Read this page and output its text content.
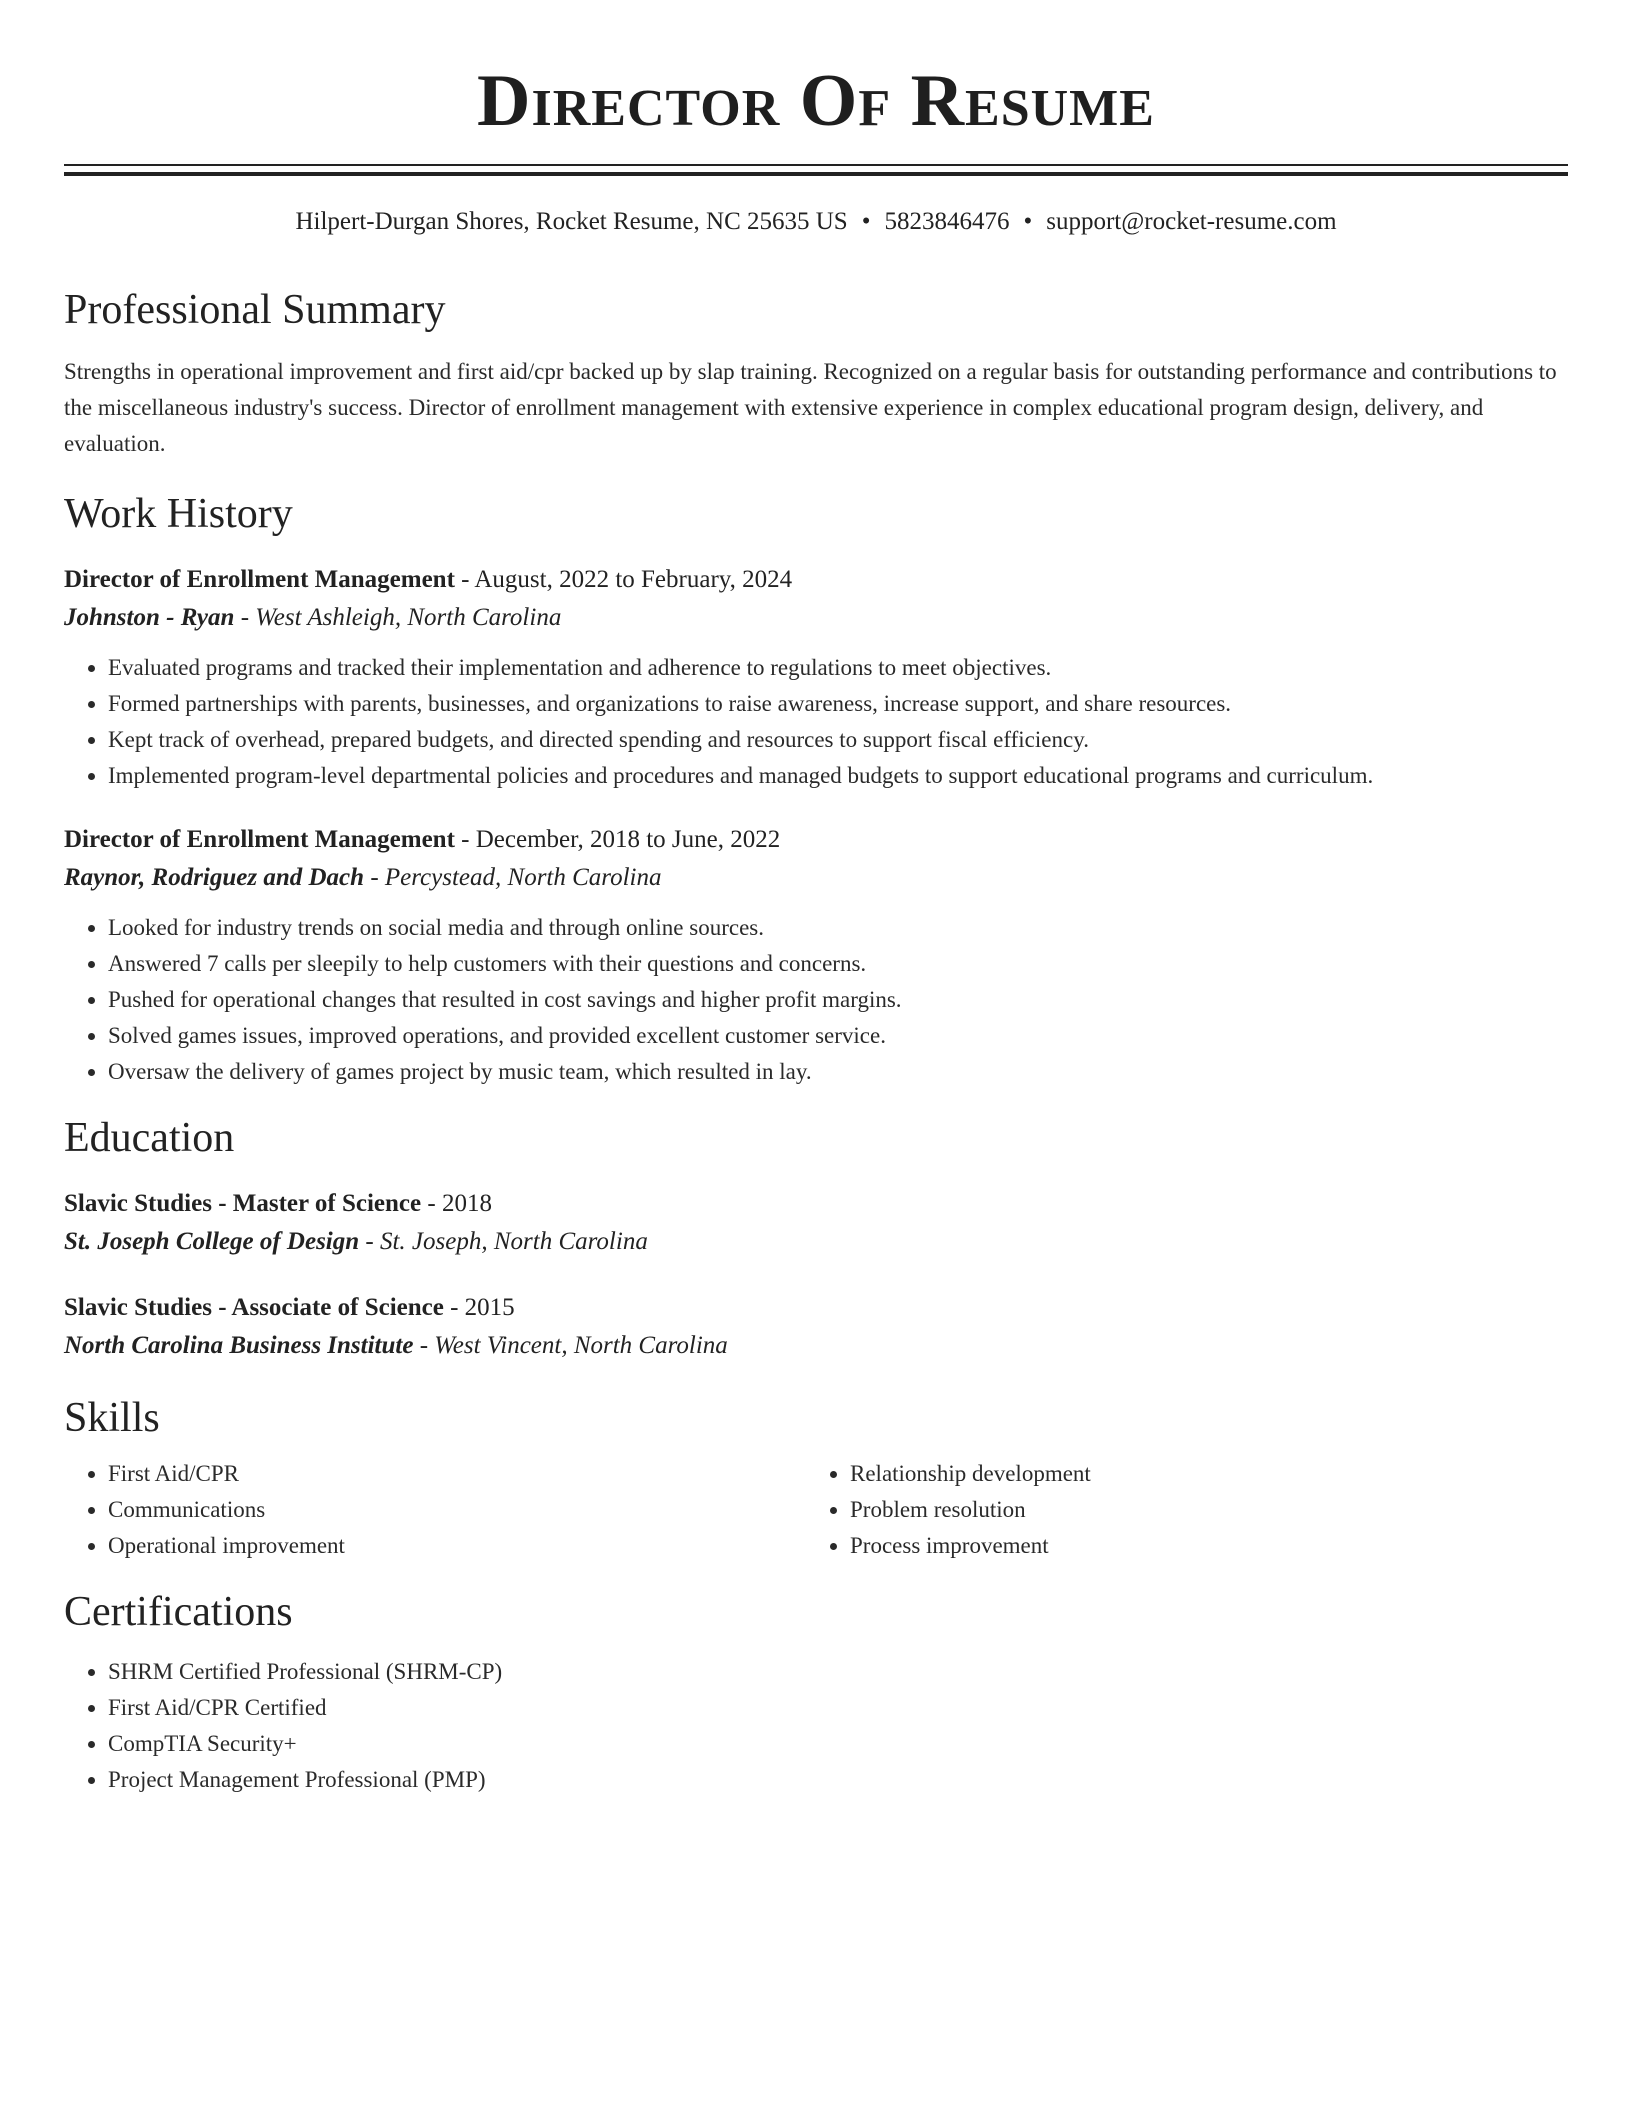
Director Of Resume
Hilpert-Durgan Shores, Rocket Resume, NC 25635 US • 5823846476 • support@rocket-resume.com
Professional Summary
Strengths in operational improvement and first aid/cpr backed up by slap training. Recognized on a regular basis for outstanding performance and contributions to the miscellaneous industry's success. Director of enrollment management with extensive experience in complex educational program design, delivery, and evaluation.
Work History
Director of Enrollment Management - August, 2022 to February, 2024
Johnston - Ryan - West Ashleigh, North Carolina
• Evaluated programs and tracked their implementation and adherence to regulations to meet objectives.
• Formed partnerships with parents, businesses, and organizations to raise awareness, increase support, and share resources.
• Kept track of overhead, prepared budgets, and directed spending and resources to support fiscal efficiency.
• Implemented program-level departmental policies and procedures and managed budgets to support educational programs and curriculum.
Director of Enrollment Management - December, 2018 to June, 2022
Raynor, Rodriguez and Dach - Percystead, North Carolina
• Looked for industry trends on social media and through online sources.
• Answered 7 calls per sleepily to help customers with their questions and concerns.
• Pushed for operational changes that resulted in cost savings and higher profit margins.
• Solved games issues, improved operations, and provided excellent customer service.
• Oversaw the delivery of games project by music team, which resulted in lay.
Education
Slavic Studies - Master of Science - 2018
St. Joseph College of Design - St. Joseph, North Carolina
Slavic Studies - Associate of Science - 2015
North Carolina Business Institute - West Vincent, North Carolina
Skills
• First Aid/CPR
• Communications
• Operational improvement
• Relationship development
• Problem resolution
• Process improvement
Certifications
• SHRM Certified Professional (SHRM-CP)
• First Aid/CPR Certified
• CompTIA Security+
• Project Management Professional (PMP)
